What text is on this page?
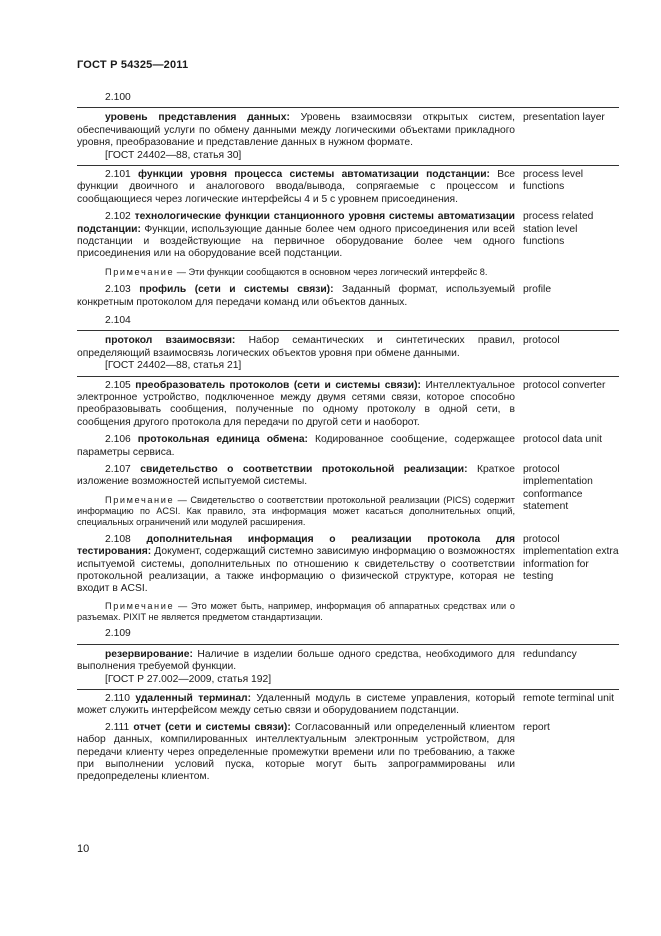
ГОСТ Р 54325—2011
2.100
уровень представления данных: Уровень взаимосвязи открытых систем, обеспечивающий услуги по обмену данными между логическими объектами прикладного уровня, преобразование и представление данных в нужном формате.
[ГОСТ 24402—88, статья 30]
presentation layer
2.101 функции уровня процесса системы автоматизации подстанции: Все функции двоичного и аналогового ввода/вывода, сопрягаемые с процессом и сообщающиеся через логические интерфейсы 4 и 5 с уровнем присоединения.
process level functions
2.102 технологические функции станционного уровня системы автоматизации подстанции: Функции, использующие данные более чем одного присоединения или всей подстанции и воздействующие на первичное оборудование более чем одного присоединения или на оборудование всей подстанции.
process related station level functions
Примечание — Эти функции сообщаются в основном через логический интерфейс 8.
2.103 профиль (сети и системы связи): Заданный формат, используемый конкретным протоколом для передачи команд или объектов данных.
profile
2.104
протокол взаимосвязи: Набор семантических и синтетических правил, определяющий взаимосвязь логических объектов уровня при обмене данными.
[ГОСТ 24402—88, статья 21]
protocol
2.105 преобразователь протоколов (сети и системы связи): Интеллектуальное электронное устройство, подключенное между двумя сетями связи, которое способно преобразовывать сообщения, полученные по одному протоколу в одной сети, в сообщения другого протокола для передачи по другой сети и наоборот.
protocol converter
2.106 протокольная единица обмена: Кодированное сообщение, содержащее параметры сервиса.
protocol data unit
2.107 свидетельство о соответствии протокольной реализации: Краткое изложение возможностей испытуемой системы.
Примечание — Свидетельство о соответствии протокольной реализации (PICS) содержит информацию по ACSI. Как правило, эта информация может касаться дополнительных опций, специальных ограничений или модулей расширения.
protocol implementation conformance statement
2.108 дополнительная информация о реализации протокола для тестирования: Документ, содержащий системно зависимую информацию о возможностях испытуемой системы, дополнительных по отношению к свидетельству о соответствии протокольной реализации, а также информацию о физической структуре, которая не входит в ACSI.
protocol implementation extra information for testing
Примечание — Это может быть, например, информация об аппаратных средствах или о разъемах. PIXIT не является предметом стандартизации.
2.109
резервирование: Наличие в изделии больше одного средства, необходимого для выполнения требуемой функции.
[ГОСТ Р 27.002—2009, статья 192]
redundancy
2.110 удаленный терминал: Удаленный модуль в системе управления, который может служить интерфейсом между сетью связи и оборудованием подстанции.
remote terminal unit
2.111 отчет (сети и системы связи): Согласованный или определенный клиентом набор данных, компилированных интеллектуальным электронным устройством, для передачи клиенту через определенные промежутки времени или по требованию, а также при выполнении условий пуска, которые могут быть запрограммированы или предопределены клиентом.
report
10
